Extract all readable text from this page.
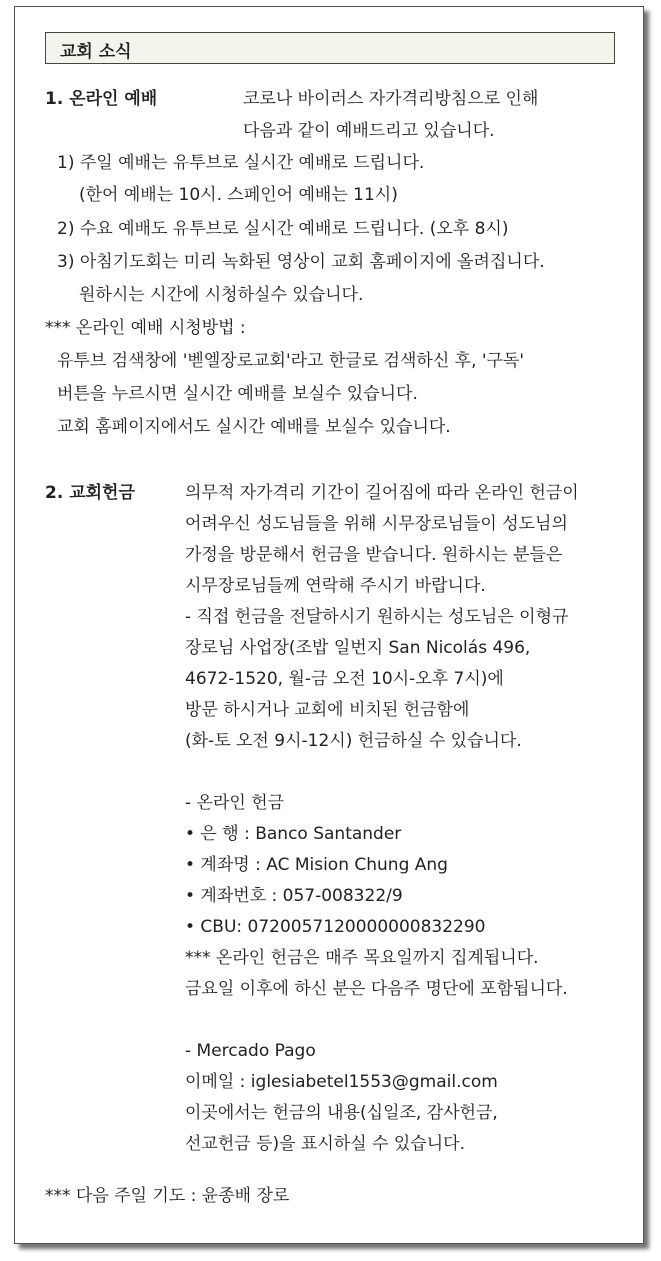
교회 소식
1. 온라인 예배	코로나 바이러스 자가격리방침으로 인해
다음과 같이 예배드리고 있습니다.
1) 주일 예배는 유투브로 실시간 예배로 드립니다.
(한어 예배는 10시. 스페인어 예배는 11시)
2) 수요 예배도 유투브로 실시간 예배로 드립니다. (오후 8시)
3) 아침기도회는 미리 녹화된 영상이 교회 홈페이지에 올려집니다.
원하시는 시간에 시청하실수 있습니다.
*** 온라인 예배 시청방법 :
유투브 검색창에 '벧엘장로교회'라고 한글로 검색하신 후, '구독'
버튼을 누르시면 실시간 예배를 보실수 있습니다.
교회 홈페이지에서도 실시간 예배를 보실수 있습니다.
2. 교회헌금	의무적 자가격리 기간이 길어짐에 따라 온라인 헌금이
어려우신 성도님들을 위해 시무장로님들이 성도님의
가정을 방문해서 헌금을 받습니다. 원하시는 분들은
시무장로님들께 연락해 주시기 바랍니다.
- 직접 헌금을 전달하시기 원하시는 성도님은 이형규
장로님 사업장(조밥 일번지 San Nicolás 496,
4672-1520, 월-금 오전 10시-오후 7시)에
방문 하시거나 교회에 비치된 헌금함에
(화-토 오전 9시-12시) 헌금하실 수 있습니다.
- 온라인 헌금
• 은 행 : Banco Santander
• 계좌명 : AC Mision Chung Ang
• 계좌번호 : 057-008322/9
• CBU: 0720057120000000832290
*** 온라인 헌금은 매주 목요일까지 집계됩니다.
금요일 이후에 하신 분은 다음주 명단에 포함됩니다.
- Mercado Pago
이메일 : iglesiabetel1553@gmail.com
이곳에서는 헌금의 내용(십일조, 감사헌금,
선교헌금 등)을 표시하실 수 있습니다.
*** 다음 주일 기도 : 윤종배 장로
